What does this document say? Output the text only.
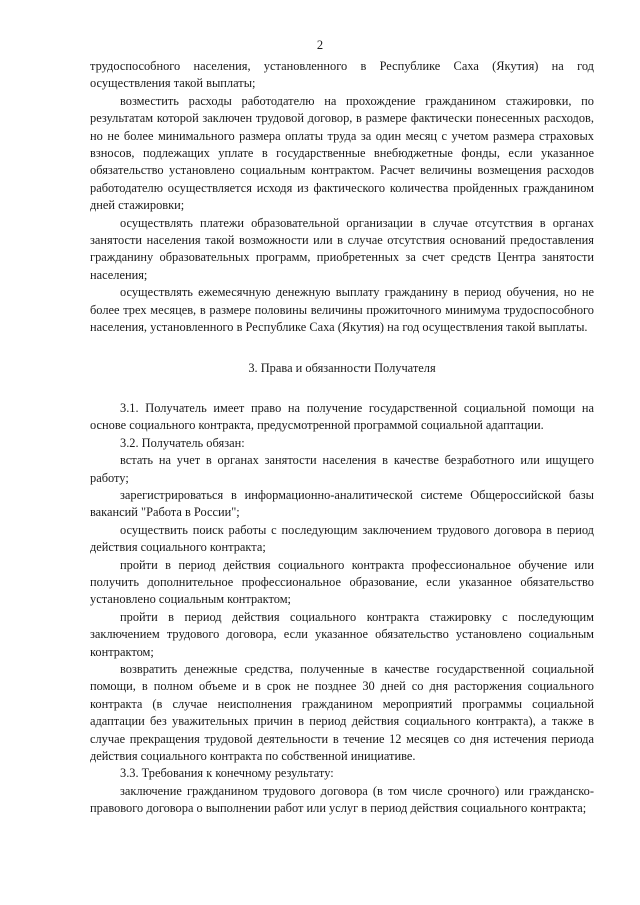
2

трудоспособного населения, установленного в Республике Саха (Якутия) на год осуществления такой выплаты;

возместить расходы работодателю на прохождение гражданином стажировки, по результатам которой заключен трудовой договор, в размере фактически понесенных расходов, но не более минимального размера оплаты труда за один месяц с учетом размера страховых взносов, подлежащих уплате в государственные внебюджетные фонды, если указанное обязательство установлено социальным контрактом. Расчет величины возмещения расходов работодателю осуществляется исходя из фактического количества пройденных гражданином дней стажировки;

осуществлять платежи образовательной организации в случае отсутствия в органах занятости населения такой возможности или в случае отсутствия оснований предоставления гражданину образовательных программ, приобретенных за счет средств Центра занятости населения;

осуществлять ежемесячную денежную выплату гражданину в период обучения, но не более трех месяцев, в размере половины величины прожиточного минимума трудоспособного населения, установленного в Республике Саха (Якутия) на год осуществления такой выплаты.

3. Права и обязанности Получателя

3.1. Получатель имеет право на получение государственной социальной помощи на основе социального контракта, предусмотренной программой социальной адаптации.

3.2. Получатель обязан:

встать на учет в органах занятости населения в качестве безработного или ищущего работу;

зарегистрироваться в информационно-аналитической системе Общероссийской базы вакансий "Работа в России";

осуществить поиск работы с последующим заключением трудового договора в период действия социального контракта;

пройти в период действия социального контракта профессиональное обучение или получить дополнительное профессиональное образование, если указанное обязательство установлено социальным контрактом;

пройти в период действия социального контракта стажировку с последующим заключением трудового договора, если указанное обязательство установлено социальным контрактом;

возвратить денежные средства, полученные в качестве государственной социальной помощи, в полном объеме и в срок не позднее 30 дней со дня расторжения социального контракта (в случае неисполнения гражданином мероприятий программы социальной адаптации без уважительных причин в период действия социального контракта), а также в случае прекращения трудовой деятельности в течение 12 месяцев со дня истечения периода действия социального контракта по собственной инициативе.

3.3. Требования к конечному результату:

заключение гражданином трудового договора (в том числе срочного) или гражданско-правового договора о выполнении работ или услуг в период действия социального контракта;
